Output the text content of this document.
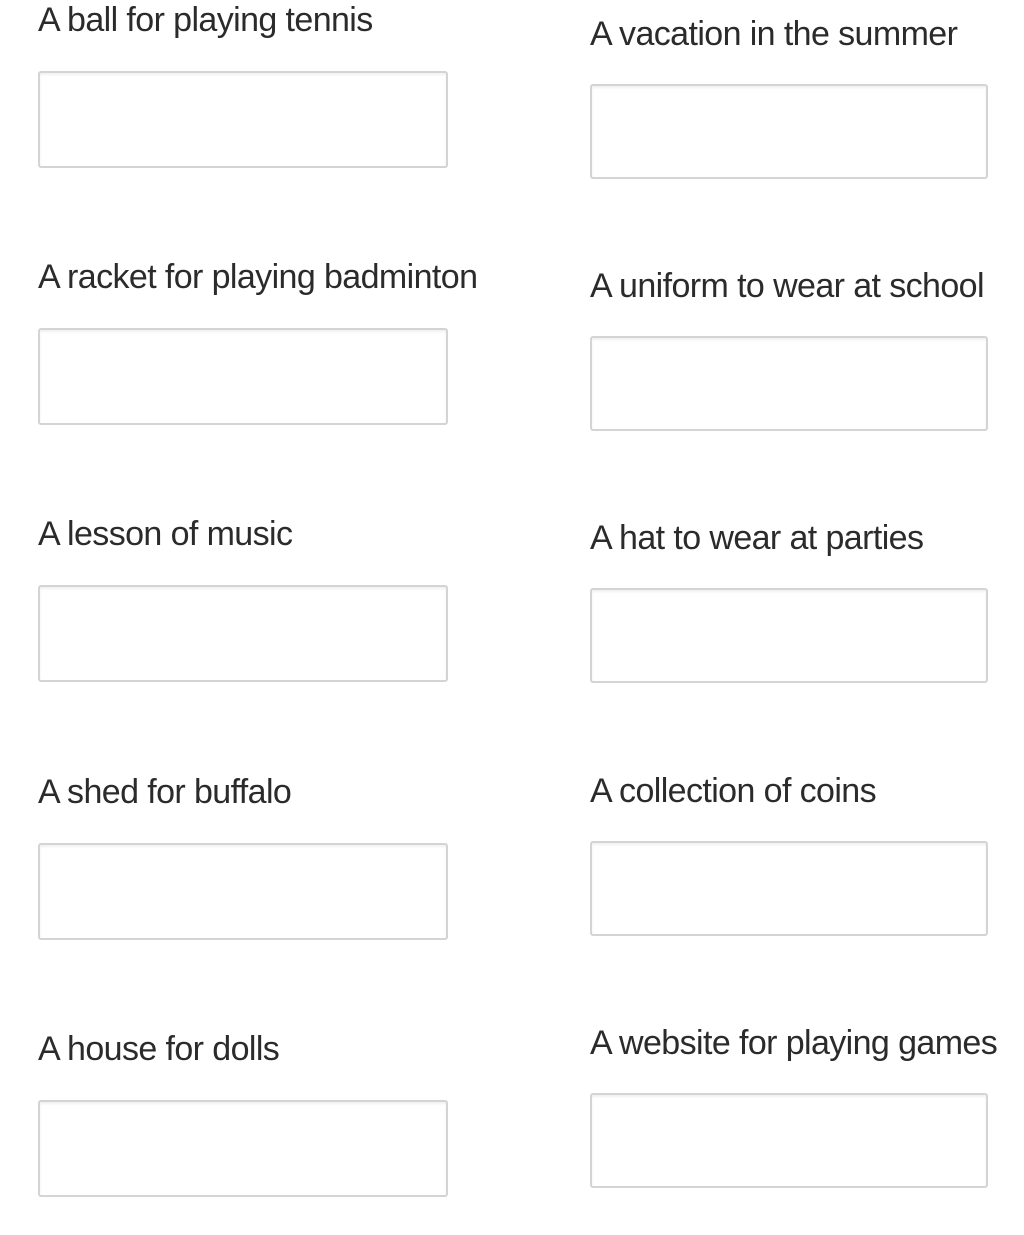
A ball for playing tennis	A vacation in the summer
A racket for playing badminton	A uniform to wear at school
A lesson of music	A hat to wear at parties
A shed for buffalo	A collection of coins
A house for dolls	A website for playing games
